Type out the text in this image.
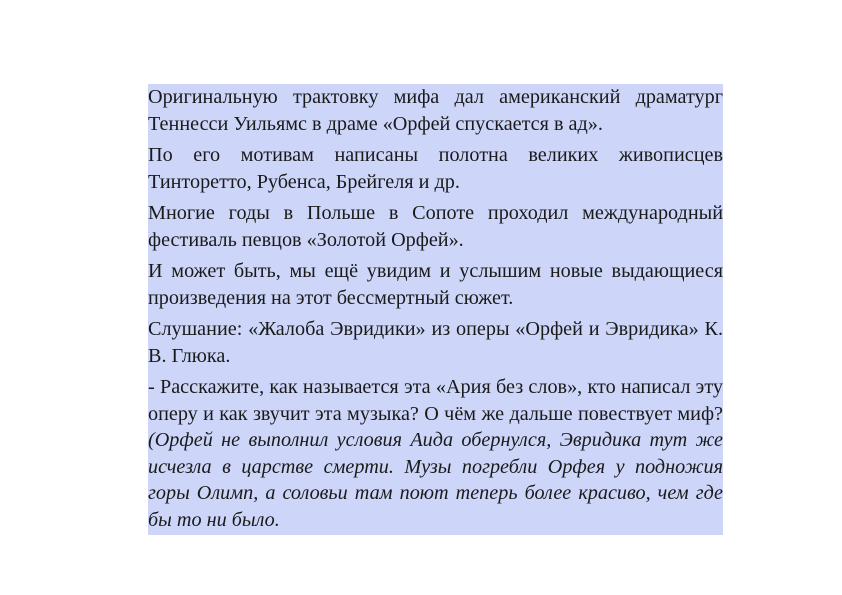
Оригинальную трактовку мифа дал американский драматург Теннесси Уильямс в драме «Орфей спускается в ад».

По его мотивам написаны полотна великих живописцев Тинторетто, Рубенса, Брейгеля и др.

Многие годы в Польше в Сопоте проходил международный фестиваль певцов «Золотой Орфей».

И может быть, мы ещё увидим и услышим новые выдающиеся произведения на этот бессмертный сюжет.

Слушание: «Жалоба Эвридики» из оперы «Орфей и Эвридика» К. В. Глюка.

- Расскажите, как называется эта «Ария без слов», кто написал эту оперу и как звучит эта музыка? О чём же дальше повествует миф? (Орфей не выполнил условия Аида обернулся, Эвридика тут же исчезла в царстве смерти. Музы погребли Орфея у подножия горы Олимп, а соловьи там поют теперь более красиво, чем где бы то ни было.
